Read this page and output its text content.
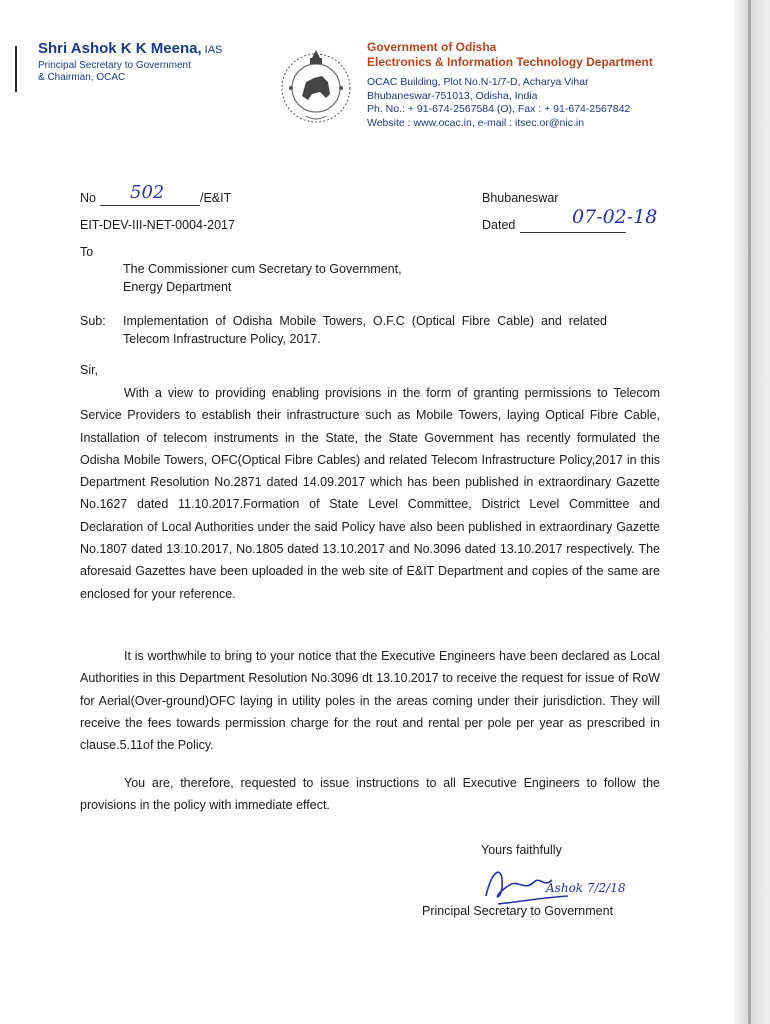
Shri Ashok K K Meena, IAS
Principal Secretary to Government
& Chairman, OCAC
Government of Odisha
Electronics & Information Technology Department
OCAC Building, Plot No.N-1/7-D, Acharya Vihar
Bhubaneswar-751013, Odisha, India
Ph. No.: + 91-674-2567584 (O), Fax : + 91-674-2567842
Website : www.ocac.in, e-mail : itsec.or@nic.in
No 502	/E&IT
EIT-DEV-III-NET-0004-2017
Bhubaneswar
Dated	07-02-18
To
The Commissioner cum Secretary to Government,
Energy Department
Sub: Implementation  of  Odisha  Mobile  Towers,  O.F.C  (Optical  Fibre  Cable)  and  related
Telecom Infrastructure Policy, 2017.
Sir,
With a view to providing enabling provisions in the form of granting permissions to Telecom Service Providers to establish their infrastructure such as Mobile Towers, laying Optical Fibre Cable, Installation of telecom instruments in the State, the State Government has recently formulated the Odisha Mobile Towers, OFC(Optical Fibre Cables) and related Telecom Infrastructure Policy,2017 in this Department Resolution No.2871 dated 14.09.2017 which has been published in extraordinary Gazette No.1627 dated 11.10.2017.Formation of State Level Committee, District Level Committee and Declaration of Local Authorities under the said Policy have also been published in extraordinary Gazette No.1807 dated 13.10.2017, No.1805 dated 13.10.2017 and No.3096 dated 13.10.2017 respectively. The aforesaid Gazettes have been uploaded in the web site of E&IT Department and copies of the same are enclosed for your reference.
It is worthwhile to bring to your notice that the Executive Engineers have been declared as Local Authorities in this Department Resolution No.3096 dt 13.10.2017 to receive the request for issue of RoW for Aerial(Over-ground)OFC laying in utility poles in the areas coming under their jurisdiction. They will receive the fees towards permission charge for the rout and rental per pole per year as prescribed in clause.5.11of the Policy.
You are, therefore, requested to issue instructions to all Executive Engineers to follow the provisions in the policy with immediate effect.
Yours faithfully
Ashok 7/2/18
Principal Secretary to Government
